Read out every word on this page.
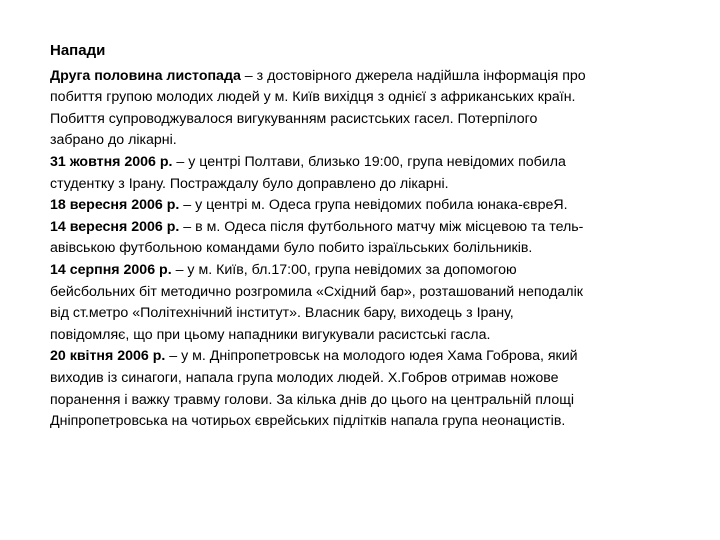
Напади
Друга половина листопада – з достовірного джерела надійшла інформація про
побиття групою молодих людей у м. Київ вихідця з однієї з африканських країн.
Побиття супроводжувалося вигукуванням расистських гасел. Потерпілого
забрано до лікарні.
31 жовтня 2006 р. – у центрі Полтави, близько 19:00, група невідомих побила
студентку з Ірану. Постраждалу було доправлено до лікарні.
18 вересня 2006 р. – у центрі м. Одеса група невідомих побила юнака-євреЯ.
14 вересня 2006 р. – в м. Одеса після футбольного матчу між місцевою та тель-
авівською футбольною командами було побито ізраїльських болільників.
14 серпня 2006 р. – у м. Київ, бл.17:00, група невідомих за допомогою
бейсбольних біт методично розгромила «Східний бар», розташований неподалік
від ст.метро «Політехнічний інститут». Власник бару, виходець з Ірану,
повідомляє, що при цьому нападники вигукували расистські гасла.
20 квітня 2006 р. – у м. Дніпропетровськ на молодого юдея Хама Гоброва, який
виходив із синагоги, напала група молодих людей. Х.Гобров отримав ножове
поранення і важку травму голови. За кілька днів до цього на центральній площі
Дніпропетровська на чотирьох єврейських підлітків напала група неонацистів.
